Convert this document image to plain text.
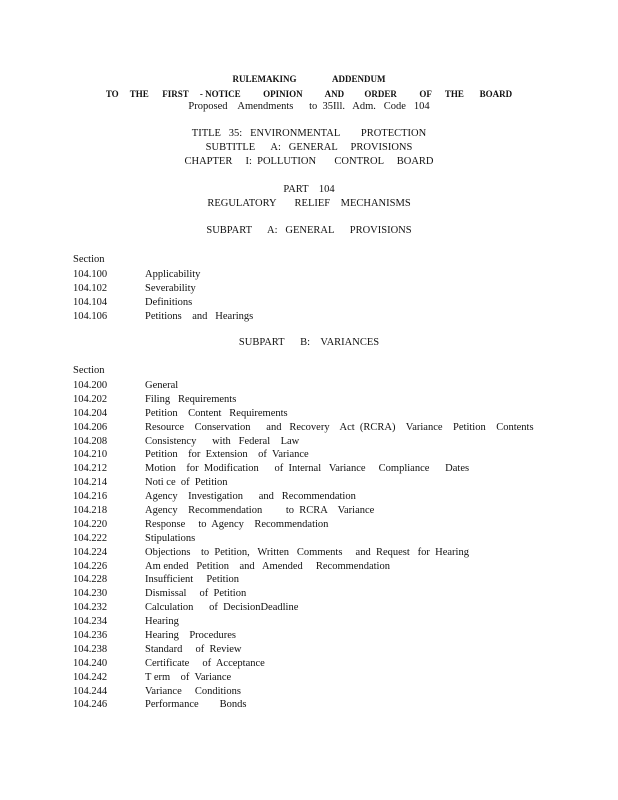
RULEMAKING                ADDENDUM
TO     THE      FIRST     - NOTICE          OPINION          AND         ORDER          OF      THE       BOARD
Proposed    Amendments      to  35Ill.   Adm.   Code   104
TITLE   35:   ENVIRONMENTAL        PROTECTION
SUBTITLE      A:   GENERAL     PROVISIONS
CHAPTER     I:  POLLUTION       CONTROL     BOARD
PART    104
REGULATORY       RELIEF    MECHANISMS
SUBPART      A:   GENERAL      PROVISIONS
Section
104.100	Applicability
104.102	Severability
104.104	Definitions
104.106	Petitions    and   Hearings
SUBPART      B:    VARIANCES
Section
104.200	General
104.202	Filing   Requirements
104.204	Petition    Content   Requirements
104.206	Resource    Conservation      and   Recovery    Act  (RCRA)    Variance    Petition    Contents
104.208	Consistency      with   Federal    Law
104.210	Petition    for  Extension    of  Variance
104.212	Motion    for  Modification      of  Internal   Variance     Compliance      Dates
104.214	Noti ce  of  Petition
104.216	Agency    Investigation      and   Recommendation
104.218	Agency    Recommendation         to  RCRA    Variance
104.220	Response     to  Agency    Recommendation
104.222	Stipulations
104.224	Objections    to  Petition,   Written   Comments     and  Request   for  Hearing
104.226	Am ended   Petition    and   Amended     Recommendation
104.228	Insufficient     Petition
104.230	Dismissal     of  Petition
104.232	Calculation      of  DecisionDeadline
104.234	Hearing
104.236	Hearing    Procedures
104.238	Standard     of  Review
104.240	Certificate     of  Acceptance
104.242	T erm    of  Variance
104.244	Variance     Conditions
104.246	Performance        Bonds
